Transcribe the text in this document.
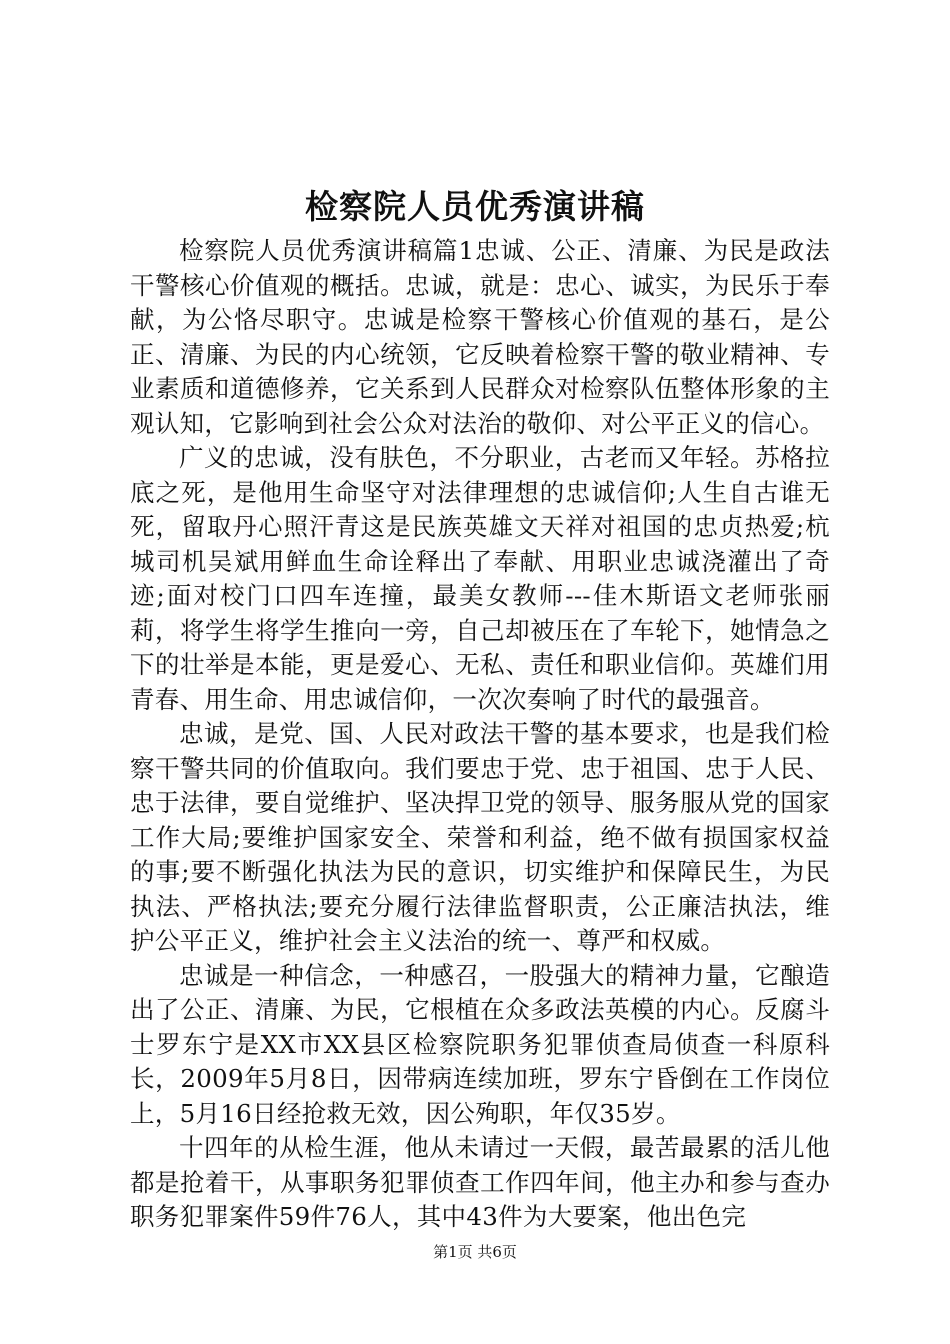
检察院人员优秀演讲稿

检察院人员优秀演讲稿篇1忠诚、公正、清廉、为民是政法干警核心价值观的概括。忠诚，就是：忠心、诚实，为民乐于奉献，为公恪尽职守。忠诚是检察干警核心价值观的基石，是公正、清廉、为民的内心统领，它反映着检察干警的敬业精神、专业素质和道德修养，它关系到人民群众对检察队伍整体形象的主观认知，它影响到社会公众对法治的敬仰、对公平正义的信心。

广义的忠诚，没有肤色，不分职业，古老而又年轻。苏格拉底之死，是他用生命坚守对法律理想的忠诚信仰;人生自古谁无死，留取丹心照汗青这是民族英雄文天祥对祖国的忠贞热爱;杭城司机吴斌用鲜血生命诠释出了奉献、用职业忠诚浇灌出了奇迹;面对校门口四车连撞，最美女教师---佳木斯语文老师张丽莉，将学生将学生推向一旁，自己却被压在了车轮下，她情急之下的壮举是本能，更是爱心、无私、责任和职业信仰。英雄们用青春、用生命、用忠诚信仰，一次次奏响了时代的最强音。

忠诚，是党、国、人民对政法干警的基本要求，也是我们检察干警共同的价值取向。我们要忠于党、忠于祖国、忠于人民、忠于法律，要自觉维护、坚决捍卫党的领导、服务服从党的国家工作大局;要维护国家安全、荣誉和利益，绝不做有损国家权益的事;要不断强化执法为民的意识，切实维护和保障民生，为民执法、严格执法;要充分履行法律监督职责，公正廉洁执法，维护公平正义，维护社会主义法治的统一、尊严和权威。

忠诚是一种信念，一种感召，一股强大的精神力量，它酿造出了公正、清廉、为民，它根植在众多政法英模的内心。反腐斗士罗东宁是XX市XX县区检察院职务犯罪侦查局侦查一科原科长，2009年5月8日，因带病连续加班，罗东宁昏倒在工作岗位上，5月16日经抢救无效，因公殉职，年仅35岁。

十四年的从检生涯，他从未请过一天假，最苦最累的活儿他都是抢着干，从事职务犯罪侦查工作四年间，他主办和参与查办职务犯罪案件59件76人，其中43件为大要案，他出色完

第1页 共6页
